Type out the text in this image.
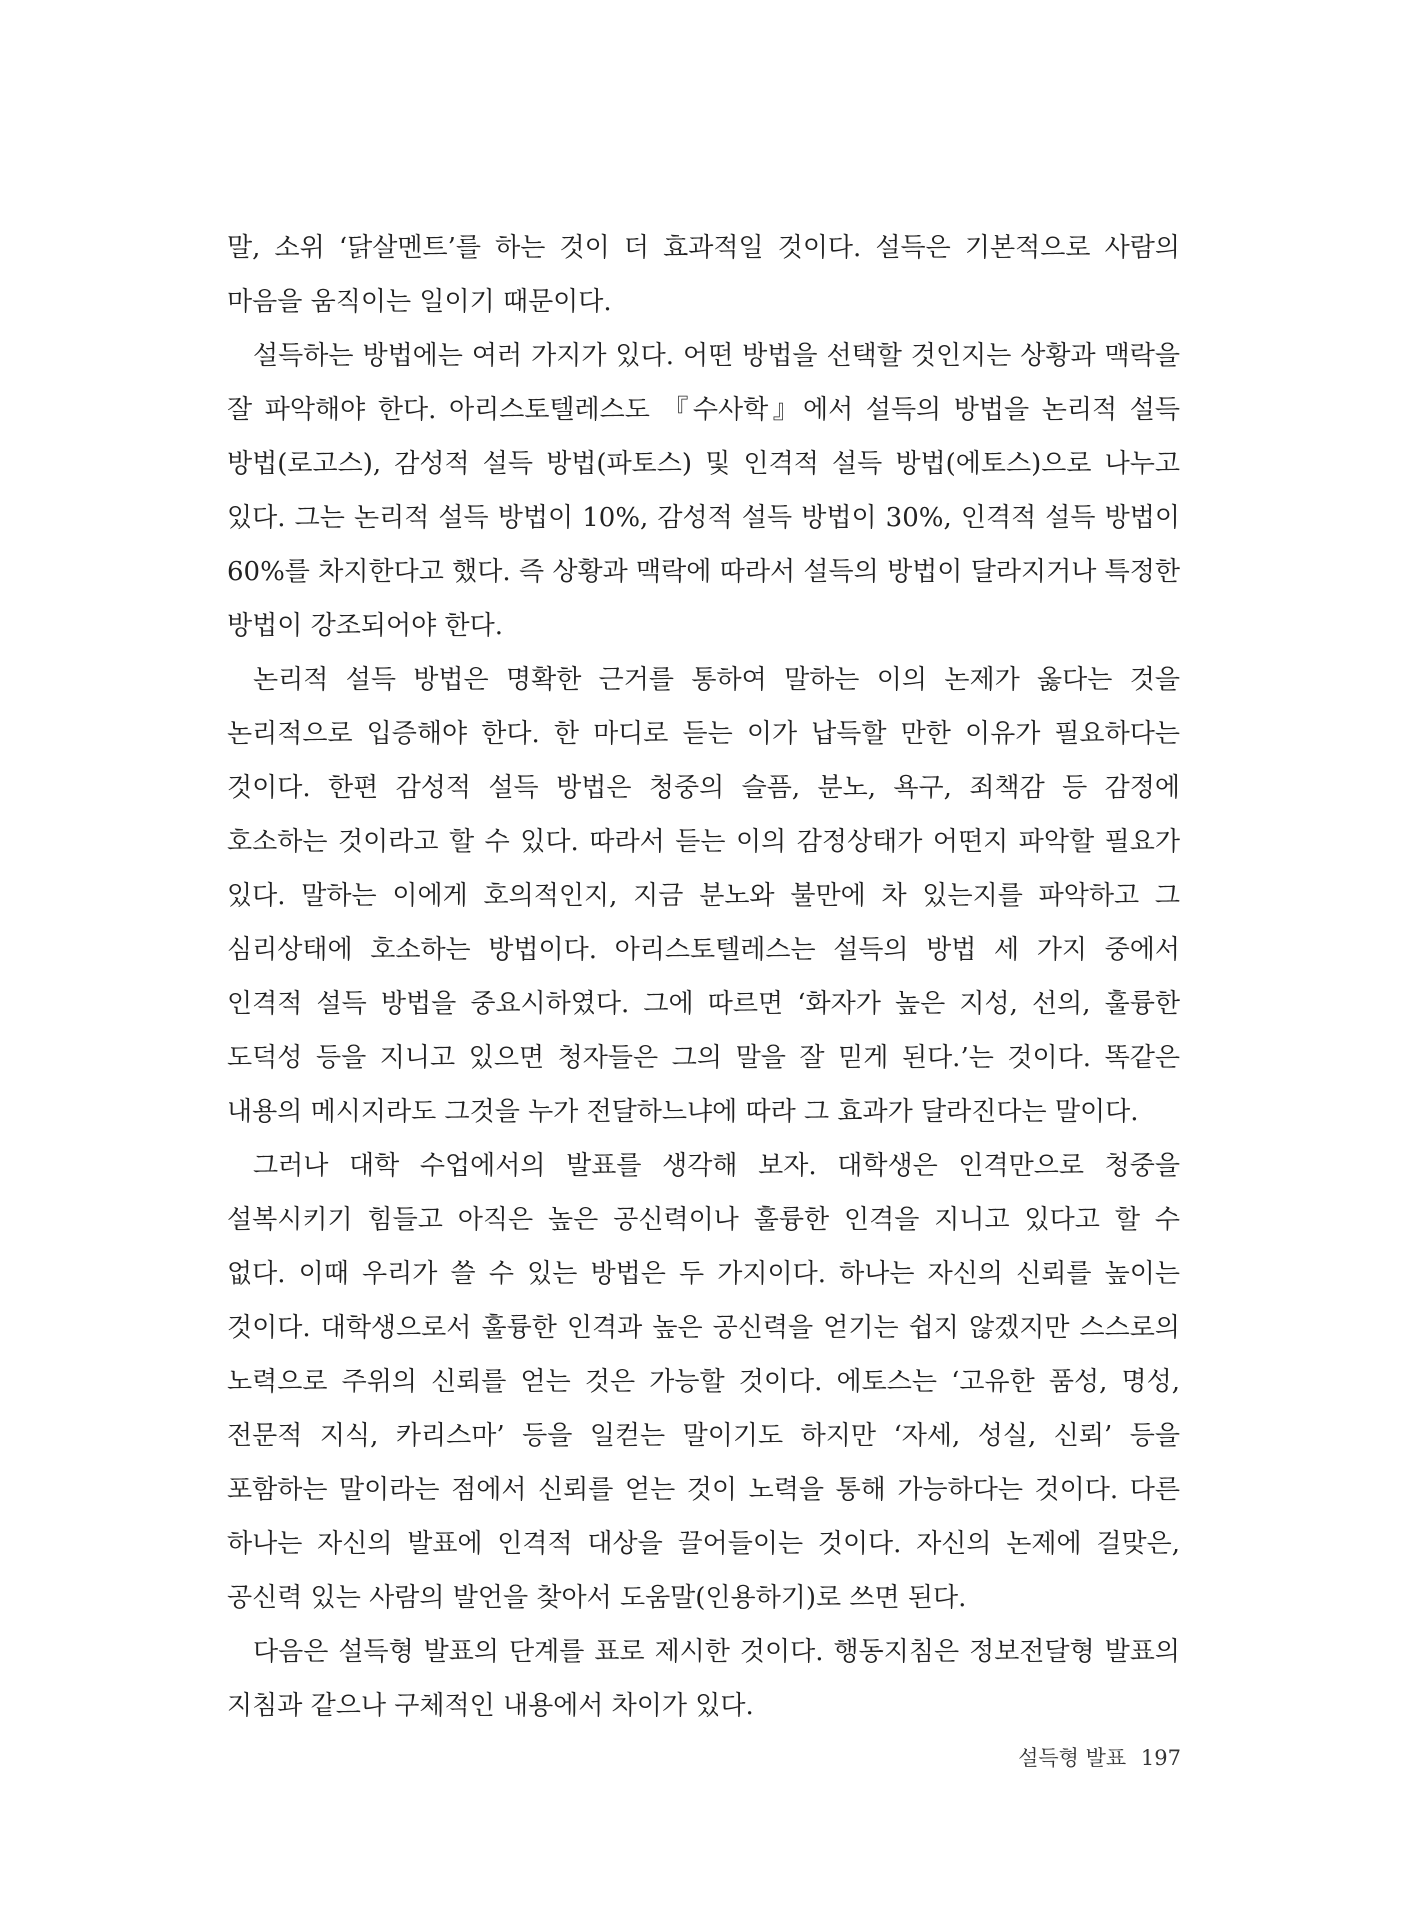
말, 소위 ‘닭살멘트’를 하는 것이 더 효과적일 것이다. 설득은 기본적으로 사람의 마음을 움직이는 일이기 때문이다.

설득하는 방법에는 여러 가지가 있다. 어떤 방법을 선택할 것인지는 상황과 맥락을 잘 파악해야 한다. 아리스토텔레스도 『수사학』에서 설득의 방법을 논리적 설득 방법(로고스), 감성적 설득 방법(파토스) 및 인격적 설득 방법(에토스)으로 나누고 있다. 그는 논리적 설득 방법이 10%, 감성적 설득 방법이 30%, 인격적 설득 방법이 60%를 차지한다고 했다. 즉 상황과 맥락에 따라서 설득의 방법이 달라지거나 특정한 방법이 강조되어야 한다.

논리적 설득 방법은 명확한 근거를 통하여 말하는 이의 논제가 옳다는 것을 논리적으로 입증해야 한다. 한 마디로 듣는 이가 납득할 만한 이유가 필요하다는 것이다. 한편 감성적 설득 방법은 청중의 슬픔, 분노, 욕구, 죄책감 등 감정에 호소하는 것이라고 할 수 있다. 따라서 듣는 이의 감정상태가 어떤지 파악할 필요가 있다. 말하는 이에게 호의적인지, 지금 분노와 불만에 차 있는지를 파악하고 그 심리상태에 호소하는 방법이다. 아리스토텔레스는 설득의 방법 세 가지 중에서 인격적 설득 방법을 중요시하였다. 그에 따르면 ‘화자가 높은 지성, 선의, 훌륭한 도덕성 등을 지니고 있으면 청자들은 그의 말을 잘 믿게 된다.’는 것이다. 똑같은 내용의 메시지라도 그것을 누가 전달하느냐에 따라 그 효과가 달라진다는 말이다.

그러나 대학 수업에서의 발표를 생각해 보자. 대학생은 인격만으로 청중을 설복시키기 힘들고 아직은 높은 공신력이나 훌륭한 인격을 지니고 있다고 할 수 없다. 이때 우리가 쓸 수 있는 방법은 두 가지이다. 하나는 자신의 신뢰를 높이는 것이다. 대학생으로서 훌륭한 인격과 높은 공신력을 얻기는 쉽지 않겠지만 스스로의 노력으로 주위의 신뢰를 얻는 것은 가능할 것이다. 에토스는 ‘고유한 품성, 명성, 전문적 지식, 카리스마’ 등을 일컫는 말이기도 하지만 ‘자세, 성실, 신뢰’ 등을 포함하는 말이라는 점에서 신뢰를 얻는 것이 노력을 통해 가능하다는 것이다. 다른 하나는 자신의 발표에 인격적 대상을 끌어들이는 것이다. 자신의 논제에 걸맞은, 공신력 있는 사람의 발언을 찾아서 도움말(인용하기)로 쓰면 된다.

다음은 설득형 발표의 단계를 표로 제시한 것이다. 행동지침은 정보전달형 발표의 지침과 같으나 구체적인 내용에서 차이가 있다.

설득형 발표 197
